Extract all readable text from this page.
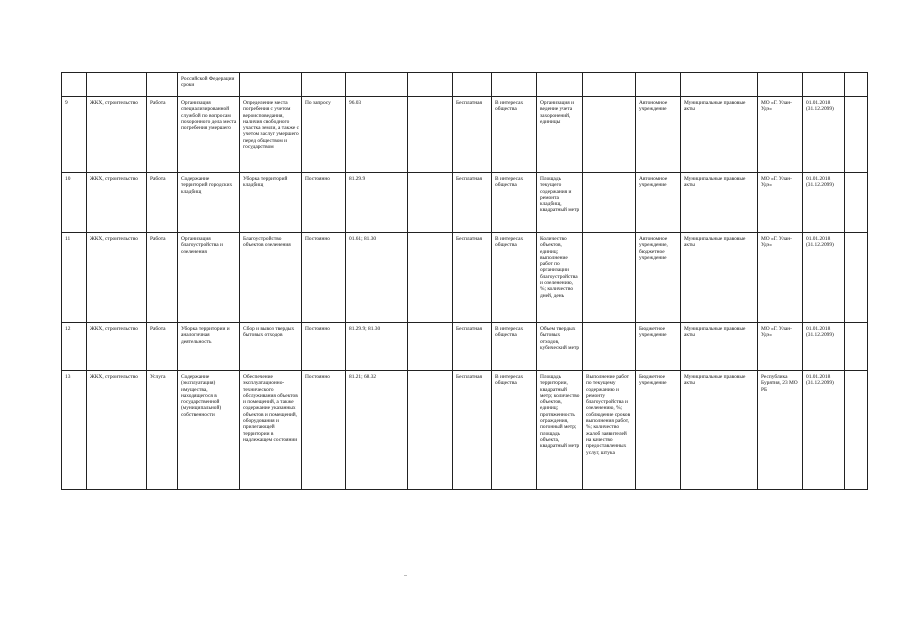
			Российской Федерации сроки													
9	ЖКХ, строительство	Работа	Организация специализированной службой по вопросам похоронного дела места погребения умершего	Определение места погребения с учетом вероисповедания, наличия свободного участка земли, а также с учетом заслуг умершего перед обществом и государством	По запросу	96.03		Бесплатная	В интересах общества	Организация и ведение учета захоронений, единицы		Автономное учреждение	Муниципальные правовые акты	МО «Г. Улан-Удэ»	01.01.2018 (31.12.2099)	
10	ЖКХ, строительство	Работа	Содержание территорий городских кладбищ	Уборка территорий кладбищ	Постоянно	81.29.9		Бесплатная	В интересах общества	Площадь текущего содержания и ремонта кладбищ, квадратный метр		Автономное учреждение	Муниципальные правовые акты	МО «Г. Улан-Удэ»	01.01.2018 (31.12.2099)	
11	ЖКХ, строительство	Работа	Организация благоустройства и озеленения	Благоустройство объектов озеленения	Постоянно	01.61; 81.30		Бесплатная	В интересах общества	Количество объектов, единиц; выполнение работ по организации благоустройства и озеленению, %; количество дней, день		Автономное учреждение, бюджетное учреждение	Муниципальные правовые акты	МО «Г. Улан-Удэ»	01.01.2018 (31.12.2099)	
12	ЖКХ, строительство	Работа	Уборка территории и аналогичная деятельность	Сбор и вывоз твердых бытовых отходов	Постоянно	81.29.9; 81.30		Бесплатная	В интересах общества	Объем твердых бытовых отходов, кубический метр		Бюджетное учреждение	Муниципальные правовые акты	МО «Г. Улан-Удэ»	01.01.2018 (31.12.2099)	
13	ЖКХ, строительство	Услуга	Содержание (эксплуатация) имущества, находящегося в государственной (муниципальной) собственности	Обеспечение эксплуатационно-технического обслуживания объектов и помещений, а также содержание указанных объектов и помещений, оборудования и прилегающей территории в надлежащем состоянии	Постоянно	81.21; 68.32		Бесплатная	В интересах общества	Площадь территории, квадратный метр; количество объектов, единиц; протяженность ограждения, погонный метр; площадь объекта, квадратный метр	Выполнение работ по текущему содержанию и ремонту благоустройства и озеленению, %; соблюдение сроков выполнения работ, %; количество жалоб заявителей на качество предоставленных услуг, штука	Бюджетное учреждение	Муниципальные правовые акты	Республика Бурятия, 23 МО РБ	01.01.2018 (31.12.2099)	
